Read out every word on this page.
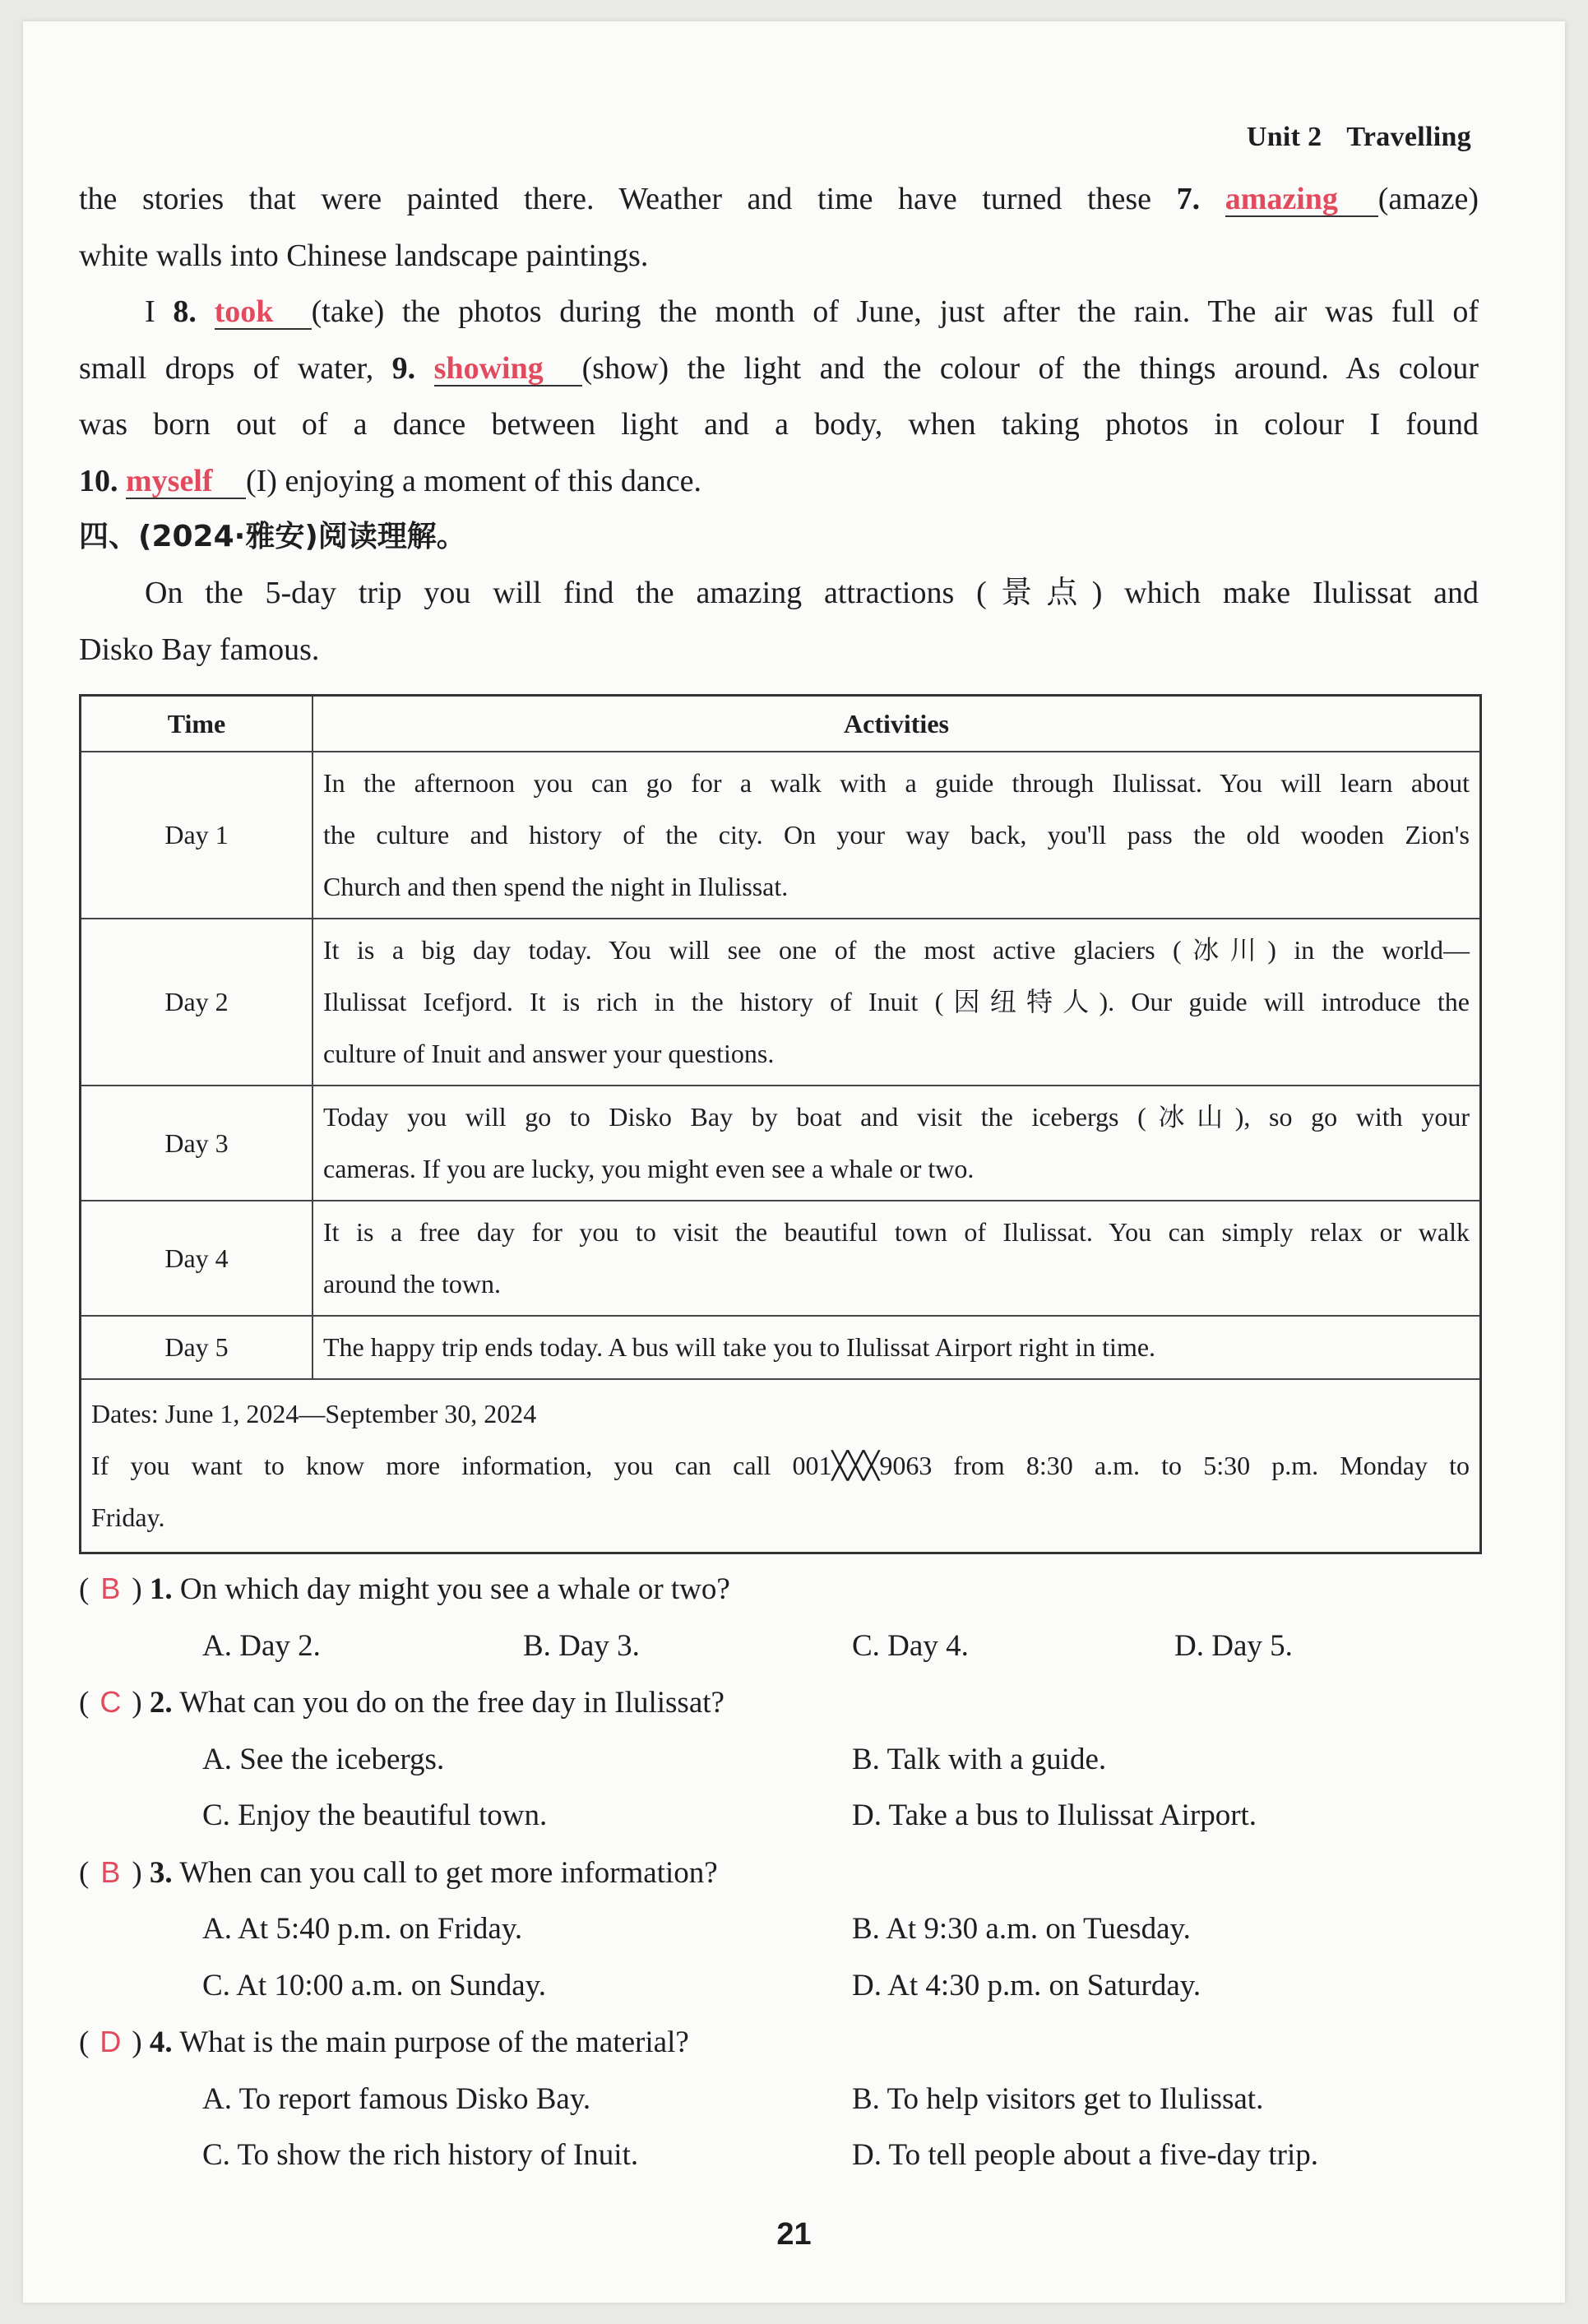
Unit 2 Travelling

the stories that were painted there. Weather and time have turned these 7. amazing (amaze)

white walls into Chinese landscape paintings.

I 8. took (take) the photos during the month of June, just after the rain. The air was full of

small drops of water, 9. showing (show) the light and the colour of the things around. As colour

was born out of a dance between light and a body, when taking photos in colour I found

10. myself (I) enjoying a moment of this dance.

四、(2024·雅安)阅读理解。

On the 5-day trip you will find the amazing attractions (景点) which make Ilulissat and

Disko Bay famous.

Time	Activities
Day 1	In the afternoon you can go for a walk with a guide through Ilulissat. You will learn about
the culture and history of the city. On your way back, you'll pass the old wooden Zion's
Church and then spend the night in Ilulissat.

Day 2	It is a big day today. You will see one of the most active glaciers (冰川) in the world—
Ilulissat Icefjord. It is rich in the history of Inuit (因纽特人). Our guide will introduce the
culture of Inuit and answer your questions.

Day 3	Today you will go to Disko Bay by boat and visit the icebergs (冰山), so go with your
cameras. If you are lucky, you might even see a whale or two.

Day 4	It is a free day for you to visit the beautiful town of Ilulissat. You can simply relax or walk
around the town.

Day 5	The happy trip ends today. A bus will take you to Ilulissat Airport right in time.

Dates: June 1, 2024—September 30, 2024
If you want to know more information, you can call 001╳╳╳9063 from 8:30 a.m. to 5:30 p.m. Monday to
Friday.	
( B ) 1. On which day might you see a whale or two?
A. Day 2.	B. Day 3.	C. Day 4.	D. Day 5.
( C ) 2. What can you do on the free day in Ilulissat?
A. See the icebergs.	B. Talk with a guide.
C. Enjoy the beautiful town.	D. Take a bus to Ilulissat Airport.
( B ) 3. When can you call to get more information?
A. At 5:40 p.m. on Friday.	B. At 9:30 a.m. on Tuesday.
C. At 10:00 a.m. on Sunday.	D. At 4:30 p.m. on Saturday.
( D ) 4. What is the main purpose of the material?
A. To report famous Disko Bay.	B. To help visitors get to Ilulissat.
C. To show the rich history of Inuit.	D. To tell people about a five-day trip.
21
